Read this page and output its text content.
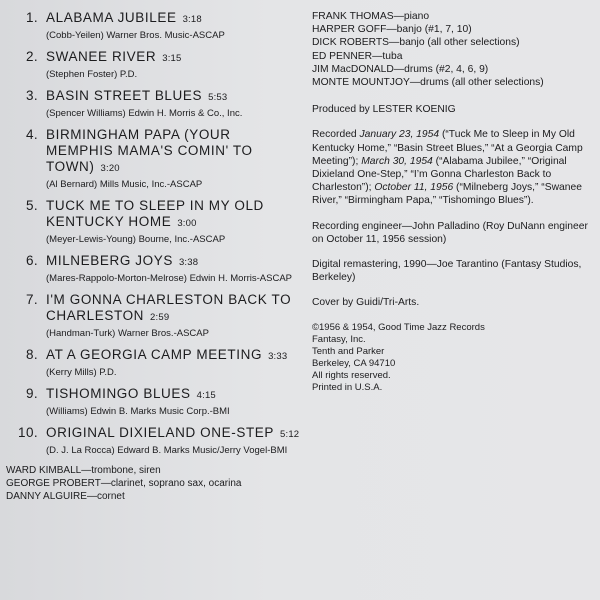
1. ALABAMA JUBILEE 3:18
(Cobb-Yeilen) Warner Bros. Music-ASCAP
2. SWANEE RIVER 3:15
(Stephen Foster) P.D.
3. BASIN STREET BLUES 5:53
(Spencer Williams) Edwin H. Morris & Co., Inc.
4. BIRMINGHAM PAPA (YOUR MEMPHIS MAMA'S COMIN' TO TOWN) 3:20
(Al Bernard) Mills Music, Inc.-ASCAP
5. TUCK ME TO SLEEP IN MY OLD KENTUCKY HOME 3:00
(Meyer-Lewis-Young) Bourne, Inc.-ASCAP
6. MILNEBERG JOYS 3:38
(Mares-Rappolo-Morton-Melrose) Edwin H. Morris-ASCAP
7. I'M GONNA CHARLESTON BACK TO CHARLESTON 2:59
(Handman-Turk) Warner Bros.-ASCAP
8. AT A GEORGIA CAMP MEETING 3:33
(Kerry Mills) P.D.
9. TISHOMINGO BLUES 4:15
(Williams) Edwin B. Marks Music Corp.-BMI
10. ORIGINAL DIXIELAND ONE-STEP 5:12
(D. J. La Rocca) Edward B. Marks Music/Jerry Vogel-BMI
WARD KIMBALL—trombone, siren
GEORGE PROBERT—clarinet, soprano sax, ocarina
DANNY ALGUIRE—cornet

FRANK THOMAS—piano

HARPER GOFF—banjo (#1, 7, 10)

DICK ROBERTS—banjo (all other selections)

ED PENNER—tuba

JIM MacDONALD—drums (#2, 4, 6, 9)

MONTE MOUNTJOY—drums (all other selections)

Produced by LESTER KOENIG

Recorded January 23, 1954 (“Tuck Me to Sleep in My Old Kentucky Home,” “Basin Street Blues,” “At a Georgia Camp Meeting”); March 30, 1954 (“Alabama Jubilee,” “Original Dixieland One-Step,” “I’m Gonna Charleston Back to Charleston”); October 11, 1956 (“Milneberg Joys,” “Swanee River,” “Birmingham Papa,” “Tishomingo Blues”).

Recording engineer—John Palladino (Roy DuNann engineer on October 11, 1956 session)

Digital remastering, 1990—Joe Tarantino (Fantasy Studios, Berkeley)

Cover by Guidi/Tri-Arts.

©1956 & 1954, Good Time Jazz Records
Fantasy, Inc.
Tenth and Parker
Berkeley, CA 94710
All rights reserved.
Printed in U.S.A.
